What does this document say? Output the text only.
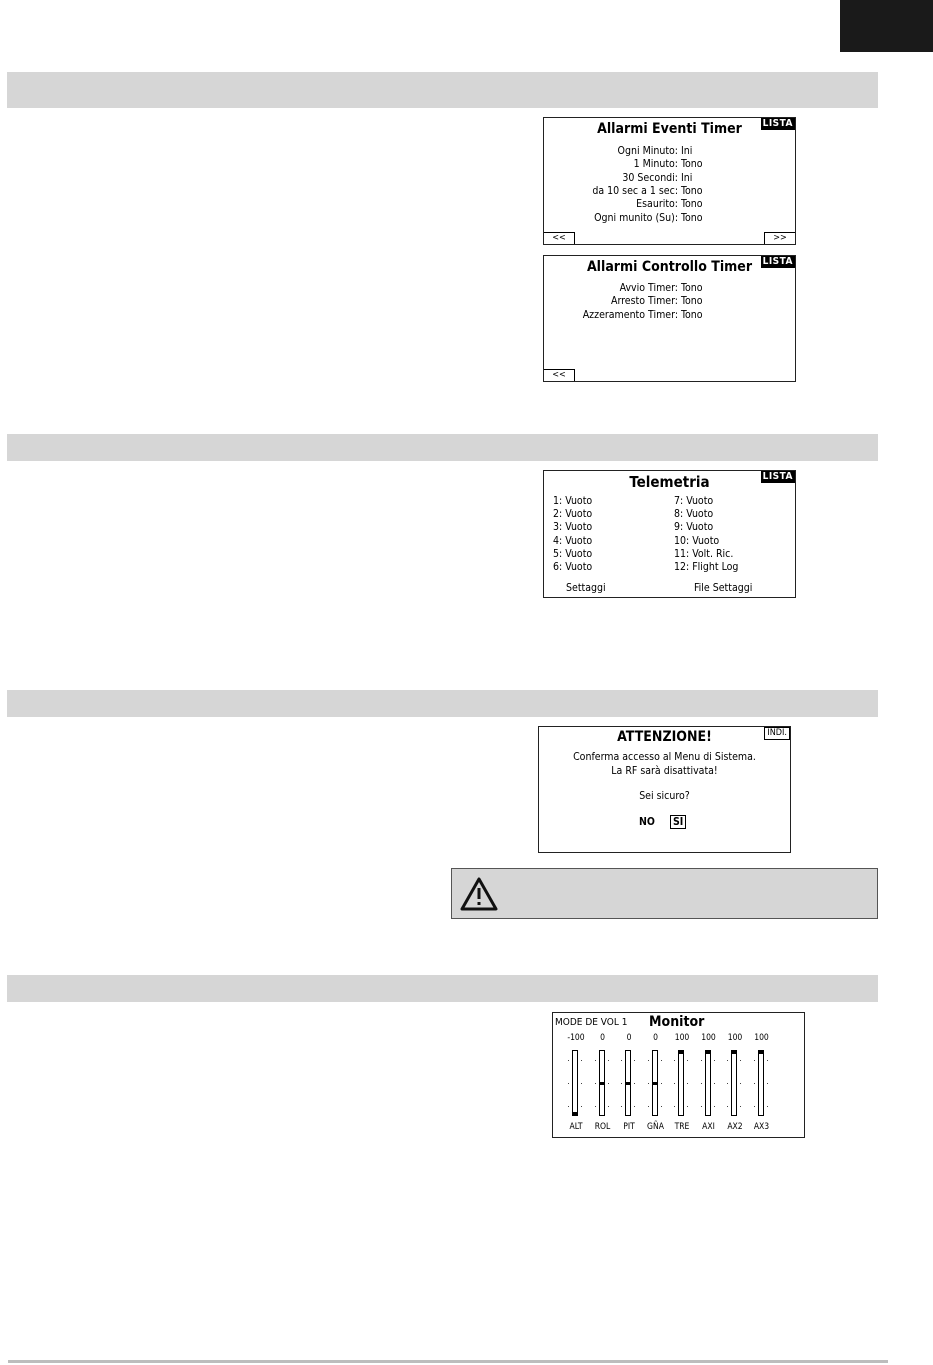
Allarmi Eventi Timer	LISTA
Ogni Minuto: Ini
1 Minuto: Tono
30 Secondi: Ini
da 10 sec a 1 sec: Tono
Esaurito: Tono
Ogni munito (Su): Tono
<<	>>
Allarmi Controllo Timer	LISTA
Avvio Timer: Tono
Arresto Timer: Tono
Azzeramento Timer: Tono
<<
Telemetria	LISTA
1: Vuoto
2: Vuoto
3: Vuoto
4: Vuoto
5: Vuoto
6: Vuoto
7: Vuoto
8: Vuoto
9: Vuoto
10: Vuoto
11: Volt. Ric.
12: Flight Log
Settaggi	File Settaggi
ATTENZIONE!	INDI.
Conferma accesso al Menu di Sistema.
La RF sarà disattivata!
Sei sicuro?
NO SI
MODE DE VOL 1 Monitor
-100
ALT
0
ROL
0
PIT
0
GÑA
100
TRE
100
AXI
100
AX2
100
AX3
